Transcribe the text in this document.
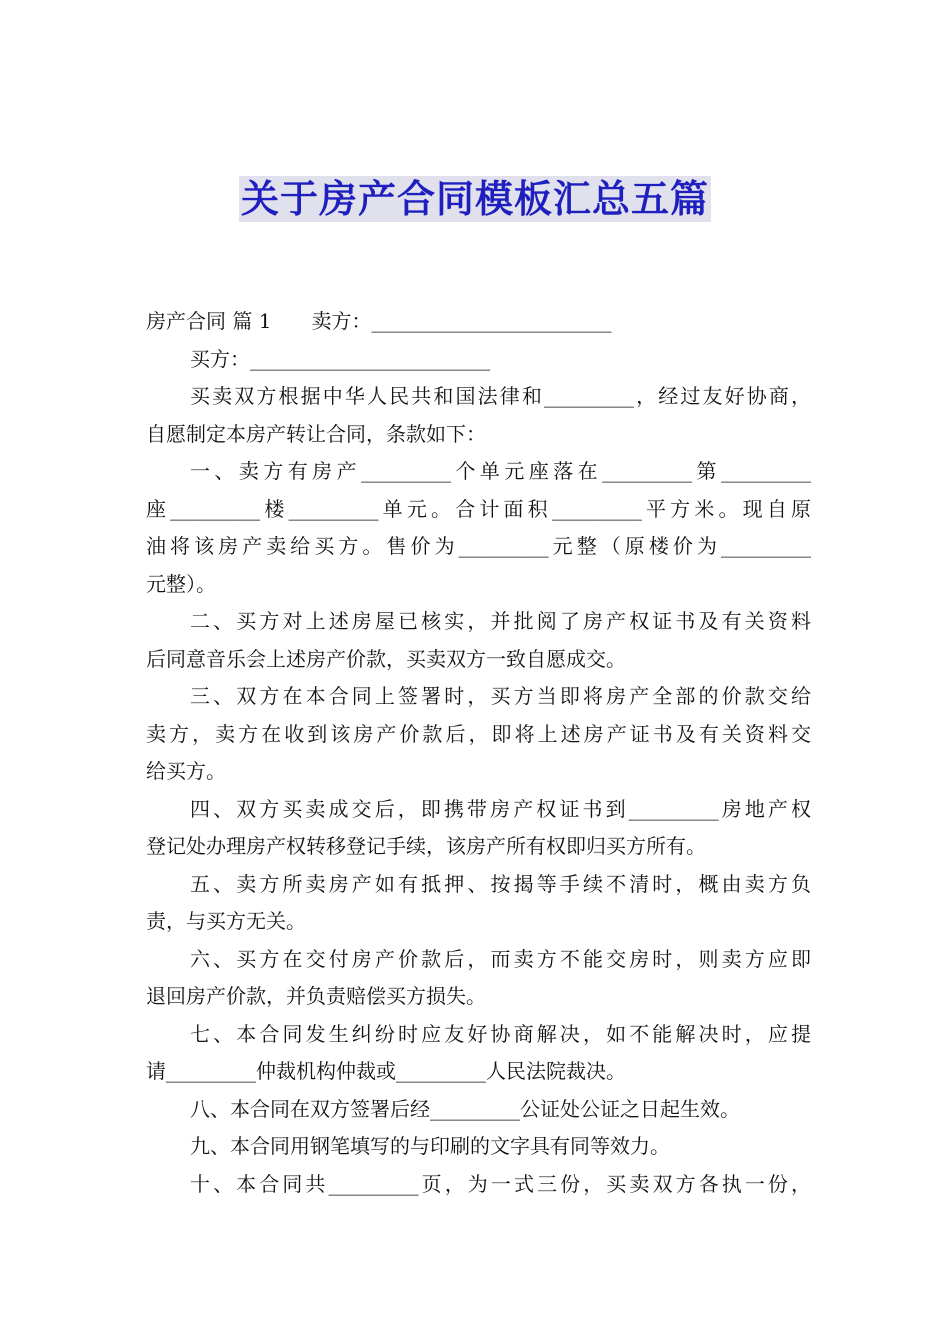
关于房产合同模板汇总五篇
房产合同 篇 1　　卖方：________________________
买方：________________________
买卖双方根据中华人民共和国法律和_________，经过友好协商，
自愿制定本房产转让合同，条款如下：
一、卖方有房产_________个单元座落在_________第_________
座_________楼_________单元。合计面积_________平方米。现自原
油将该房产卖给买方。售价为_________元整（原楼价为_________
元整）。
二、买方对上述房屋已核实，并批阅了房产权证书及有关资料
后同意音乐会上述房产价款，买卖双方一致自愿成交。
三、双方在本合同上签署时，买方当即将房产全部的价款交给
卖方，卖方在收到该房产价款后，即将上述房产证书及有关资料交
给买方。
四、双方买卖成交后，即携带房产权证书到_________房地产权
登记处办理房产权转移登记手续，该房产所有权即归买方所有。
五、卖方所卖房产如有抵押、按揭等手续不清时，概由卖方负
责，与买方无关。
六、买方在交付房产价款后，而卖方不能交房时，则卖方应即
退回房产价款，并负责赔偿买方损失。
七、本合同发生纠纷时应友好协商解决，如不能解决时，应提
请_________仲裁机构仲裁或_________人民法院裁决。
八、本合同在双方签署后经_________公证处公证之日起生效。
九、本合同用钢笔填写的与印刷的文字具有同等效力。
十、本合同共_________页，为一式三份，买卖双方各执一份，
